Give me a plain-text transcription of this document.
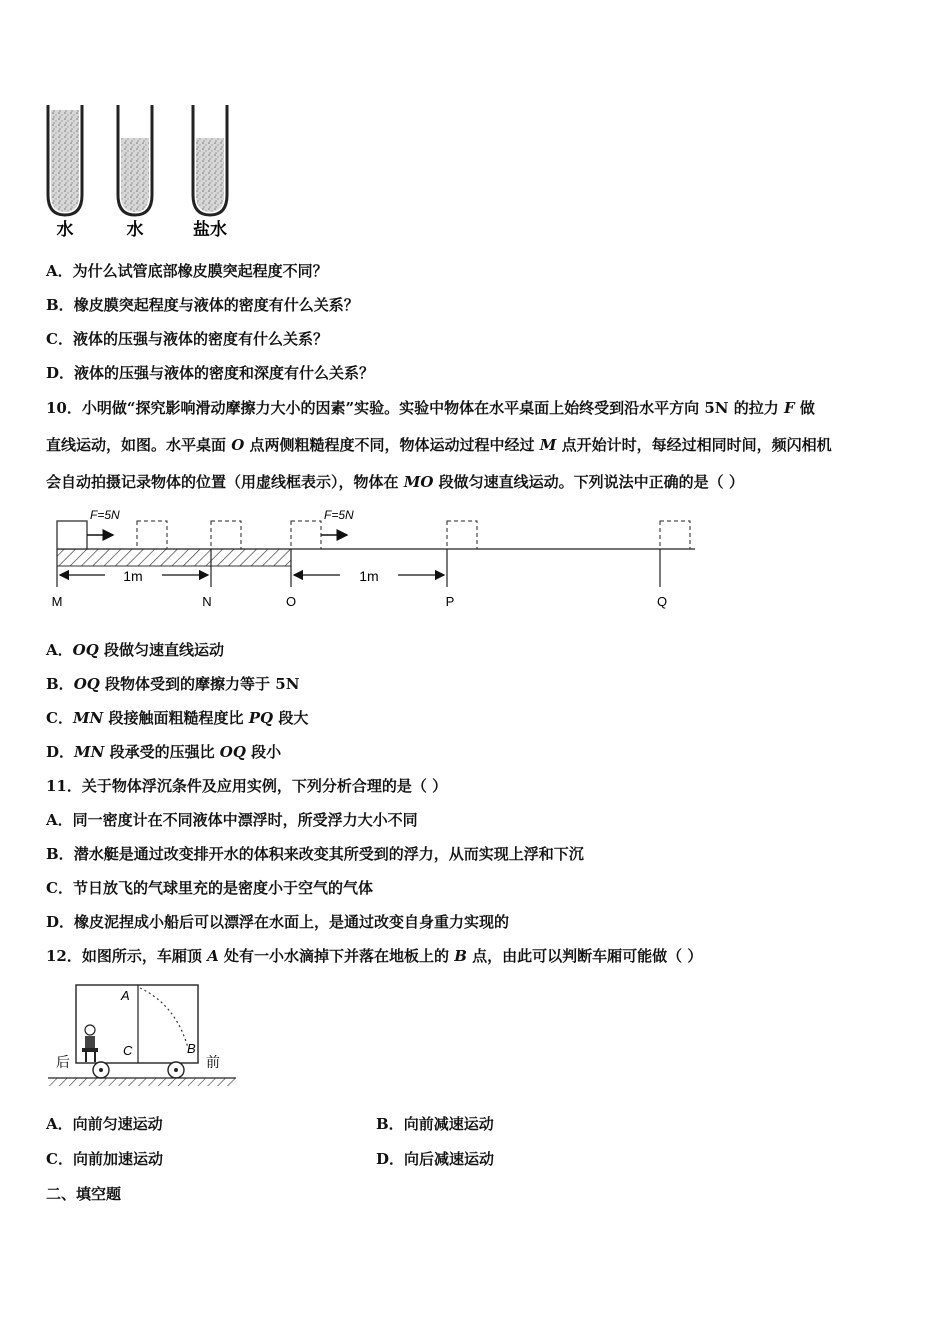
水	水	盐水
A．为什么试管底部橡皮膜突起程度不同？
B．橡皮膜突起程度与液体的密度有什么关系？
C．液体的压强与液体的密度有什么关系？
D．液体的压强与液体的密度和深度有什么关系？
10．小明做“探究影响滑动摩擦力大小的因素”实验。实验中物体在水平桌面上始终受到沿水平方向 5N 的拉力 F 做
直线运动，如图。水平桌面 O 点两侧粗糙程度不同，物体运动过程中经过 M 点开始计时，每经过相同时间，频闪相机
会自动拍摄记录物体的位置（用虚线框表示），物体在 MO 段做匀速直线运动。下列说法中正确的是（ ）
F=5N	F=5N
1m	1m
M	N	O	P	Q
A．OQ 段做匀速直线运动
B．OQ 段物体受到的摩擦力等于 5N
C．MN 段接触面粗糙程度比 PQ 段大
D．MN 段承受的压强比 OQ 段小
11．关于物体浮沉条件及应用实例，下列分析合理的是（ ）
A．同一密度计在不同液体中漂浮时，所受浮力大小不同
B．潜水艇是通过改变排开水的体积来改变其所受到的浮力，从而实现上浮和下沉
C．节日放飞的气球里充的是密度小于空气的气体
D．橡皮泥捏成小船后可以漂浮在水面上，是通过改变自身重力实现的
12．如图所示，车厢顶 A 处有一小水滴掉下并落在地板上的 B 点，由此可以判断车厢可能做（ ）
A
C	B
后	前
A．向前匀速运动	B．向前减速运动
C．向前加速运动	D．向后减速运动
二、填空题
